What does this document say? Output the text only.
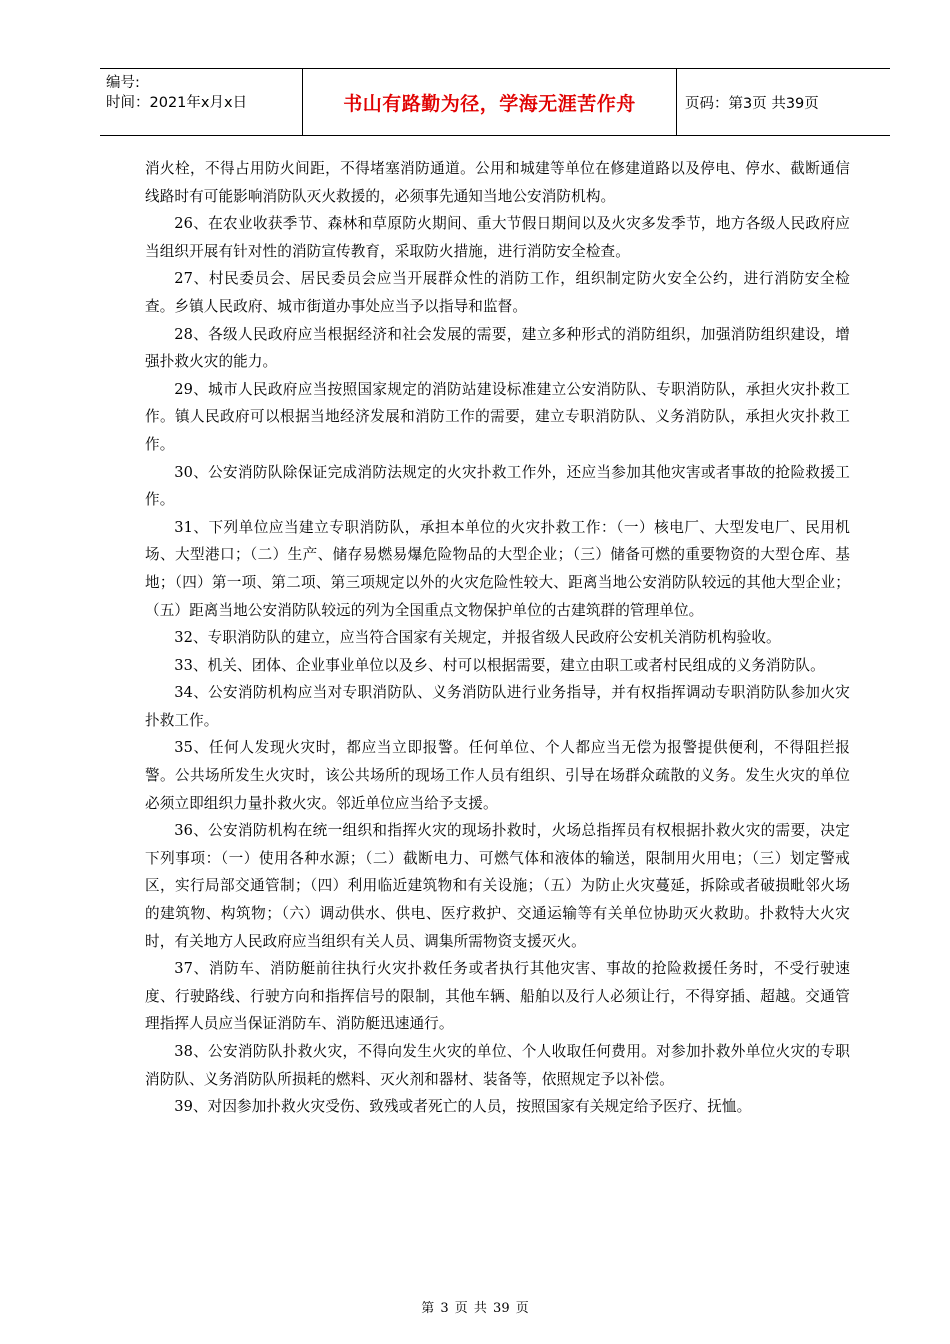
编号:
时间：2021年x月x日	书山有路勤为径，学海无涯苦作舟	页码：第3页 共39页

消火栓，不得占用防火间距，不得堵塞消防通道。公用和城建等单位在修建道路以及停电、停水、截断通信线路时有可能影响消防队灭火救援的，必须事先通知当地公安消防机构。

26、在农业收获季节、森林和草原防火期间、重大节假日期间以及火灾多发季节，地方各级人民政府应当组织开展有针对性的消防宣传教育，采取防火措施，进行消防安全检查。

27、村民委员会、居民委员会应当开展群众性的消防工作，组织制定防火安全公约，进行消防安全检查。乡镇人民政府、城市街道办事处应当予以指导和监督。

28、各级人民政府应当根据经济和社会发展的需要，建立多种形式的消防组织，加强消防组织建设，增强扑救火灾的能力。

29、城市人民政府应当按照国家规定的消防站建设标准建立公安消防队、专职消防队，承担火灾扑救工作。镇人民政府可以根据当地经济发展和消防工作的需要，建立专职消防队、义务消防队，承担火灾扑救工作。

30、公安消防队除保证完成消防法规定的火灾扑救工作外，还应当参加其他灾害或者事故的抢险救援工作。

31、下列单位应当建立专职消防队，承担本单位的火灾扑救工作：（一）核电厂、大型发电厂、民用机场、大型港口；（二）生产、储存易燃易爆危险物品的大型企业；（三）储备可燃的重要物资的大型仓库、基地；（四）第一项、第二项、第三项规定以外的火灾危险性较大、距离当地公安消防队较远的其他大型企业；（五）距离当地公安消防队较远的列为全国重点文物保护单位的古建筑群的管理单位。

32、专职消防队的建立，应当符合国家有关规定，并报省级人民政府公安机关消防机构验收。

33、机关、团体、企业事业单位以及乡、村可以根据需要，建立由职工或者村民组成的义务消防队。

34、公安消防机构应当对专职消防队、义务消防队进行业务指导，并有权指挥调动专职消防队参加火灾扑救工作。

35、任何人发现火灾时，都应当立即报警。任何单位、个人都应当无偿为报警提供便利，不得阻拦报警。公共场所发生火灾时，该公共场所的现场工作人员有组织、引导在场群众疏散的义务。发生火灾的单位必须立即组织力量扑救火灾。邻近单位应当给予支援。

36、公安消防机构在统一组织和指挥火灾的现场扑救时，火场总指挥员有权根据扑救火灾的需要，决定下列事项：（一）使用各种水源；（二）截断电力、可燃气体和液体的输送，限制用火用电；（三）划定警戒区，实行局部交通管制；（四）利用临近建筑物和有关设施；（五）为防止火灾蔓延，拆除或者破损毗邻火场的建筑物、构筑物；（六）调动供水、供电、医疗救护、交通运输等有关单位协助灭火救助。扑救特大火灾时，有关地方人民政府应当组织有关人员、调集所需物资支援灭火。

37、消防车、消防艇前往执行火灾扑救任务或者执行其他灾害、事故的抢险救援任务时，不受行驶速度、行驶路线、行驶方向和指挥信号的限制，其他车辆、船舶以及行人必须让行，不得穿插、超越。交通管理指挥人员应当保证消防车、消防艇迅速通行。

38、公安消防队扑救火灾，不得向发生火灾的单位、个人收取任何费用。对参加扑救外单位火灾的专职消防队、义务消防队所损耗的燃料、灭火剂和器材、装备等，依照规定予以补偿。

39、对因参加扑救火灾受伤、致残或者死亡的人员，按照国家有关规定给予医疗、抚恤。

第 3 页 共 39 页
